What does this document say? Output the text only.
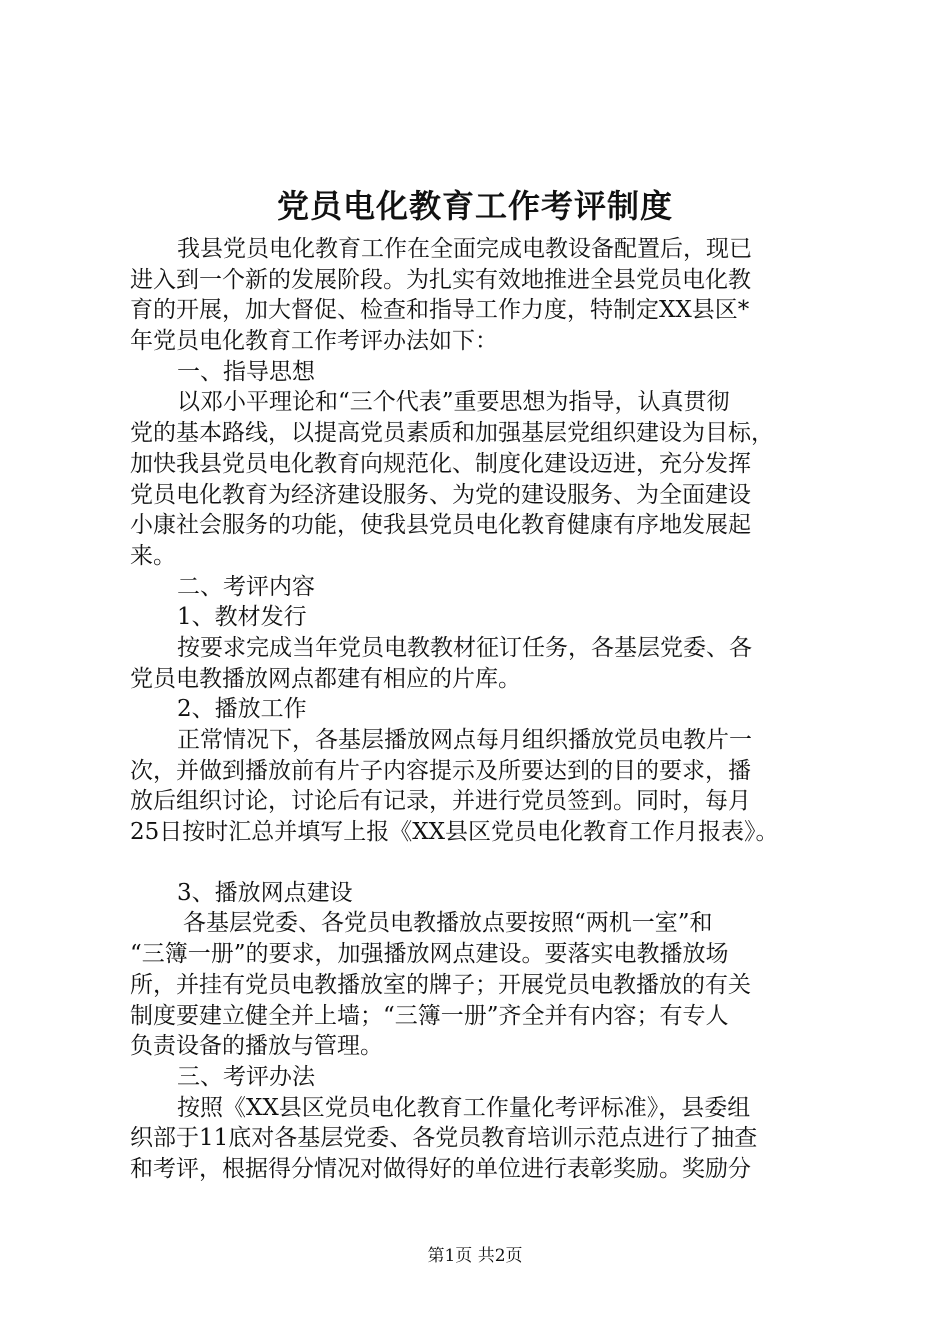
党员电化教育工作考评制度
我县党员电化教育工作在全面完成电教设备配置后，现已
进入到一个新的发展阶段。为扎实有效地推进全县党员电化教
育的开展，加大督促、检查和指导工作力度，特制定XX县区*
年党员电化教育工作考评办法如下：
一、指导思想
以邓小平理论和“三个代表”重要思想为指导，认真贯彻
党的基本路线，以提高党员素质和加强基层党组织建设为目标，
加快我县党员电化教育向规范化、制度化建设迈进，充分发挥
党员电化教育为经济建设服务、为党的建设服务、为全面建设
小康社会服务的功能，使我县党员电化教育健康有序地发展起
来。
二、考评内容
1、教材发行
按要求完成当年党员电教教材征订任务，各基层党委、各
党员电教播放网点都建有相应的片库。
2、播放工作
正常情况下，各基层播放网点每月组织播放党员电教片一
次，并做到播放前有片子内容提示及所要达到的目的要求，播
放后组织讨论，讨论后有记录，并进行党员签到。同时，每月
25日按时汇总并填写上报《XX县区党员电化教育工作月报表》。
3、播放网点建设
各基层党委、各党员电教播放点要按照“两机一室”和
“三簿一册”的要求，加强播放网点建设。要落实电教播放场
所，并挂有党员电教播放室的牌子；开展党员电教播放的有关
制度要建立健全并上墙；“三簿一册”齐全并有内容；有专人
负责设备的播放与管理。
三、考评办法
按照《XX县区党员电化教育工作量化考评标准》，县委组
织部于11底对各基层党委、各党员教育培训示范点进行了抽查
和考评，根据得分情况对做得好的单位进行表彰奖励。奖励分
第1页 共2页
